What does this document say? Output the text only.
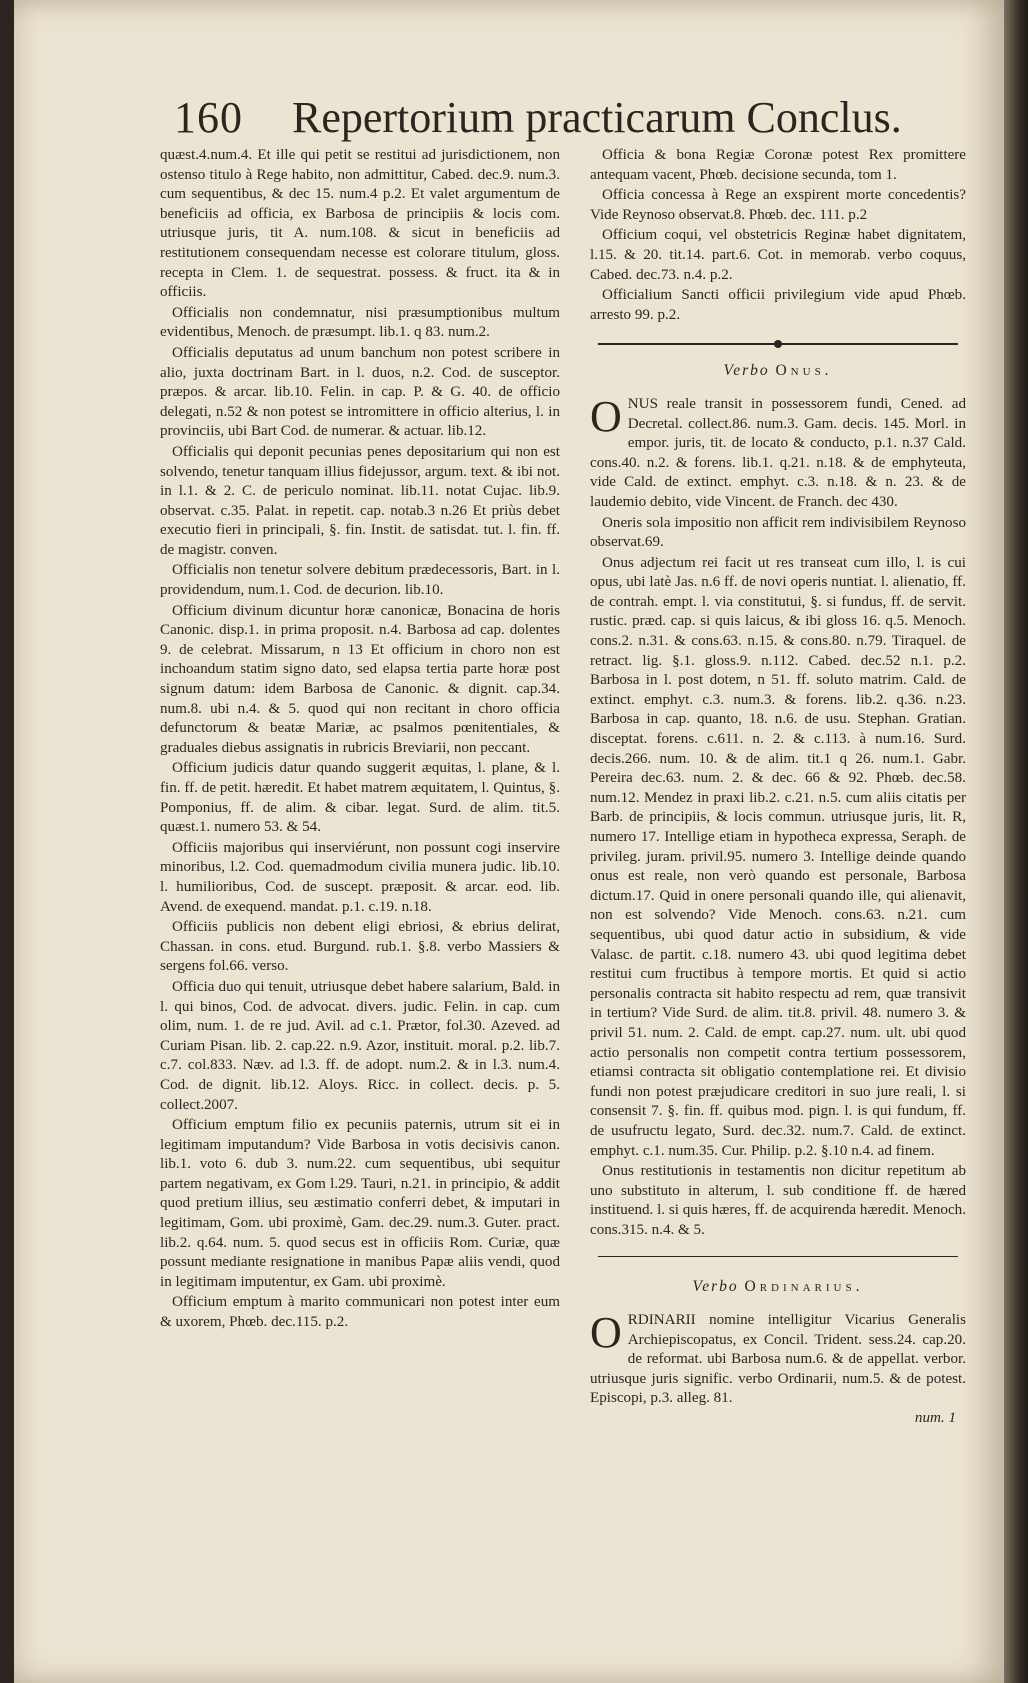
160 Repertorium practicarum Conclus.

quæst.4.num.4. Et ille qui petit se restitui ad jurisdictionem, non ostenso titulo à Rege habito, non admittitur, Cabed. dec.9. num.3. cum sequentibus, & dec 15. num.4 p.2. Et valet argumentum de beneficiis ad officia, ex Barbosa de principiis & locis com. utriusque juris, tit A. num.108. & sicut in beneficiis ad restitutionem consequendam necesse est colorare titulum, gloss. recepta in Clem. 1. de sequestrat. possess. & fruct. ita & in officiis.

Officialis non condemnatur, nisi præsumptionibus multum evidentibus, Menoch. de præsumpt. lib.1. q 83. num.2.

Officialis deputatus ad unum banchum non potest scribere in alio, juxta doctrinam Bart. in l. duos, n.2. Cod. de susceptor. præpos. & arcar. lib.10. Felin. in cap. P. & G. 40. de officio delegati, n.52 & non potest se intromittere in officio alterius, l. in provinciis, ubi Bart Cod. de numerar. & actuar. lib.12.

Officialis qui deponit pecunias penes depositarium qui non est solvendo, tenetur tanquam illius fidejussor, argum. text. & ibi not. in l.1. & 2. C. de periculo nominat. lib.11. notat Cujac. lib.9. observat. c.35. Palat. in repetit. cap. notab.3 n.26 Et priùs debet executio fieri in principali, §. fin. Instit. de satisdat. tut. l. fin. ff. de magistr. conven.

Officialis non tenetur solvere debitum prædecessoris, Bart. in l. providendum, num.1. Cod. de decurion. lib.10.

Officium divinum dicuntur horæ canonicæ, Bonacina de horis Canonic. disp.1. in prima proposit. n.4. Barbosa ad cap. dolentes 9. de celebrat. Missarum, n 13 Et officium in choro non est inchoandum statim signo dato, sed elapsa tertia parte horæ post signum datum: idem Barbosa de Canonic. & dignit. cap.34. num.8. ubi n.4. & 5. quod qui non recitant in choro officia defunctorum & beatæ Mariæ, ac psalmos pœnitentiales, & graduales diebus assignatis in rubricis Breviarii, non peccant.

Officium judicis datur quando suggerit æquitas, l. plane, & l. fin. ff. de petit. hæredit. Et habet matrem æquitatem, l. Quintus, §. Pomponius, ff. de alim. & cibar. legat. Surd. de alim. tit.5. quæst.1. numero 53. & 54.

Officiis majoribus qui inserviérunt, non possunt cogi inservire minoribus, l.2. Cod. quemadmodum civilia munera judic. lib.10. l. humilioribus, Cod. de suscept. præposit. & arcar. eod. lib. Avend. de exequend. mandat. p.1. c.19. n.18.

Officiis publicis non debent eligi ebriosi, & ebrius delirat, Chassan. in cons. etud. Burgund. rub.1. §.8. verbo Massiers & sergens fol.66. verso.

Officia duo qui tenuit, utriusque debet habere salarium, Bald. in l. qui binos, Cod. de advocat. divers. judic. Felin. in cap. cum olim, num. 1. de re jud. Avil. ad c.1. Prætor, fol.30. Azeved. ad Curiam Pisan. lib. 2. cap.22. n.9. Azor, instituit. moral. p.2. lib.7. c.7. col.833. Næv. ad l.3. ff. de adopt. num.2. & in l.3. num.4. Cod. de dignit. lib.12. Aloys. Ricc. in collect. decis. p. 5. collect.2007.

Officium emptum filio ex pecuniis paternis, utrum sit ei in legitimam imputandum? Vide Barbosa in votis decisivis canon. lib.1. voto 6. dub 3. num.22. cum sequentibus, ubi sequitur partem negativam, ex Gom l.29. Tauri, n.21. in principio, & addit quod pretium illius, seu æstimatio conferri debet, & imputari in legitimam, Gom. ubi proximè, Gam. dec.29. num.3. Guter. pract. lib.2. q.64. num. 5. quod secus est in officiis Rom. Curiæ, quæ possunt mediante resignatione in manibus Papæ aliis vendi, quod in legitimam imputentur, ex Gam. ubi proximè.

Officium emptum à marito communicari non potest inter eum & uxorem, Phœb. dec.115. p.2.

Officia & bona Regiæ Coronæ potest Rex promittere antequam vacent, Phœb. decisione secunda, tom 1.

Officia concessa à Rege an exspirent morte concedentis? Vide Reynoso observat.8. Phœb. dec. 111. p.2

Officium coqui, vel obstetricis Reginæ habet dignitatem, l.15. & 20. tit.14. part.6. Cot. in memorab. verbo coquus, Cabed. dec.73. n.4. p.2.

Officialium Sancti officii privilegium vide apud Phœb. arresto 99. p.2.

Verbo Onus.

ONUS reale transit in possessorem fundi, Cened. ad Decretal. collect.86. num.3. Gam. decis. 145. Morl. in empor. juris, tit. de locato & conducto, p.1. n.37 Cald. cons.40. n.2. & forens. lib.1. q.21. n.18. & de emphyteuta, vide Cald. de extinct. emphyt. c.3. n.18. & n. 23. & de laudemio debito, vide Vincent. de Franch. dec 430.

Oneris sola impositio non afficit rem indivisibilem Reynoso observat.69.

Onus adjectum rei facit ut res transeat cum illo, l. is cui opus, ubi latè Jas. n.6 ff. de novi operis nuntiat. l. alienatio, ff. de contrah. empt. l. via constitutui, §. si fundus, ff. de servit. rustic. præd. cap. si quis laicus, & ibi gloss 16. q.5. Menoch. cons.2. n.31. & cons.63. n.15. & cons.80. n.79. Tiraquel. de retract. lig. §.1. gloss.9. n.112. Cabed. dec.52 n.1. p.2. Barbosa in l. post dotem, n 51. ff. soluto matrim. Cald. de extinct. emphyt. c.3. num.3. & forens. lib.2. q.36. n.23. Barbosa in cap. quanto, 18. n.6. de usu. Stephan. Gratian. disceptat. forens. c.611. n. 2. & c.113. à num.16. Surd. decis.266. num. 10. & de alim. tit.1 q 26. num.1. Gabr. Pereira dec.63. num. 2. & dec. 66 & 92. Phœb. dec.58. num.12. Mendez in praxi lib.2. c.21. n.5. cum aliis citatis per Barb. de principiis, & locis commun. utriusque juris, lit. R, numero 17. Intellige etiam in hypotheca expressa, Seraph. de privileg. juram. privil.95. numero 3. Intellige deinde quando onus est reale, non verò quando est personale, Barbosa dictum.17. Quid in onere personali quando ille, qui alienavit, non est solvendo? Vide Menoch. cons.63. n.21. cum sequentibus, ubi quod datur actio in subsidium, & vide Valasc. de partit. c.18. numero 43. ubi quod legitima debet restitui cum fructibus à tempore mortis. Et quid si actio personalis contracta sit habito respectu ad rem, quæ transivit in tertium? Vide Surd. de alim. tit.8. privil. 48. numero 3. & privil 51. num. 2. Cald. de empt. cap.27. num. ult. ubi quod actio personalis non competit contra tertium possessorem, etiamsi contracta sit obligatio contemplatione rei. Et divisio fundi non potest præjudicare creditori in suo jure reali, l. si consensit 7. §. fin. ff. quibus mod. pign. l. is qui fundum, ff. de usufructu legato, Surd. dec.32. num.7. Cald. de extinct. emphyt. c.1. num.35. Cur. Philip. p.2. §.10 n.4. ad finem.

Onus restitutionis in testamentis non dicitur repetitum ab uno substituto in alterum, l. sub conditione ff. de hæred instituend. l. si quis hæres, ff. de acquirenda hæredit. Menoch. cons.315. n.4. & 5.

Verbo Ordinarius.

ORDINARII nomine intelligitur Vicarius Generalis Archiepiscopatus, ex Concil. Trident. sess.24. cap.20. de reformat. ubi Barbosa num.6. & de appellat. verbor. utriusque juris signific. verbo Ordinarii, num.5. & de potest. Episcopi, p.3. alleg. 81.

num. 1
